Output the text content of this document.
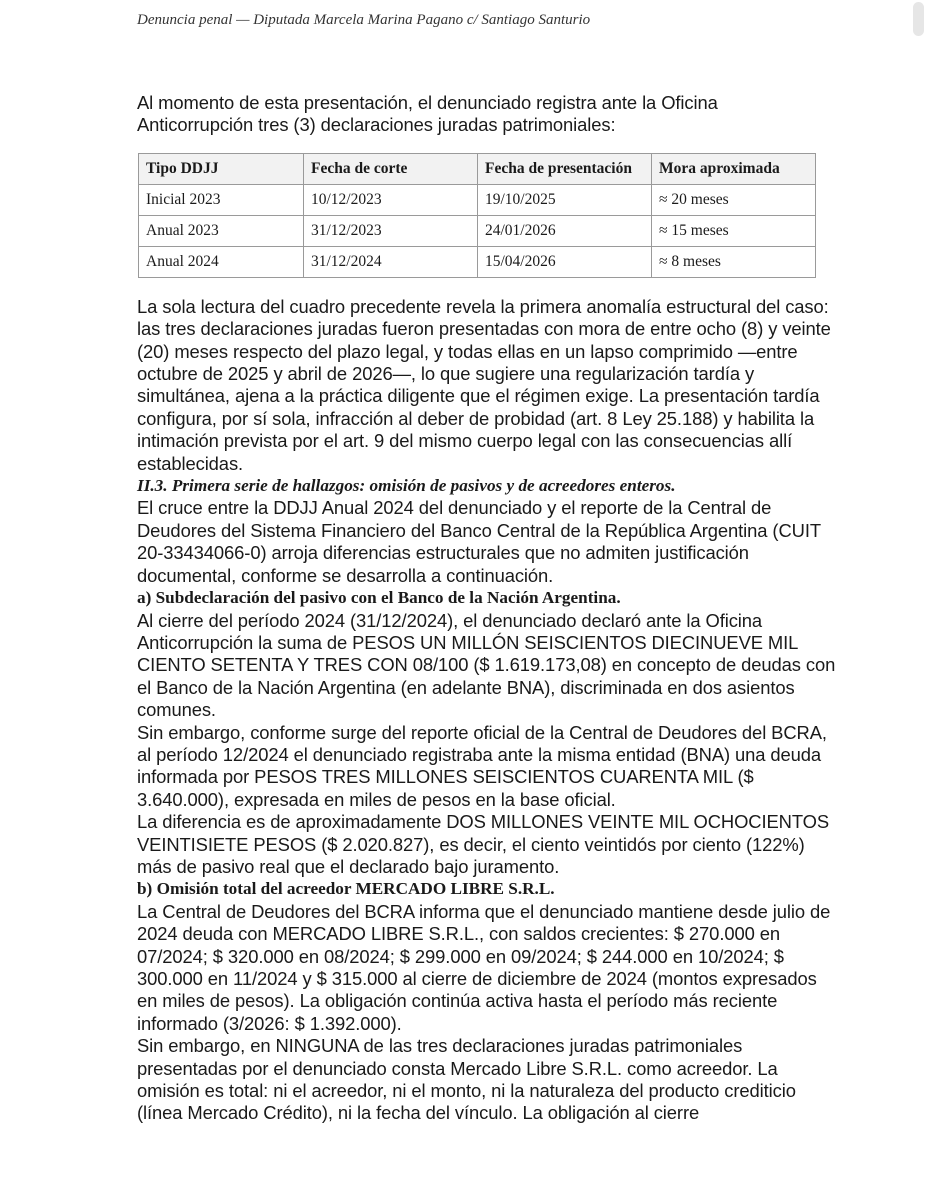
Denuncia penal — Diputada Marcela Marina Pagano c/ Santiago Santurio

Al momento de esta presentación, el denunciado registra ante la Oficina Anticorrupción tres (3) declaraciones juradas patrimoniales:

Tipo DDJJ	Fecha de corte	Fecha de presentación	Mora aproximada
Inicial 2023	10/12/2023	19/10/2025	≈ 20 meses
Anual 2023	31/12/2023	24/01/2026	≈ 15 meses
Anual 2024	31/12/2024	15/04/2026	≈ 8 meses

La sola lectura del cuadro precedente revela la primera anomalía estructural del caso: las tres declaraciones juradas fueron presentadas con mora de entre ocho (8) y veinte (20) meses respecto del plazo legal, y todas ellas en un lapso comprimido —entre octubre de 2025 y abril de 2026—, lo que sugiere una regularización tardía y simultánea, ajena a la práctica diligente que el régimen exige. La presentación tardía configura, por sí sola, infracción al deber de probidad (art. 8 Ley 25.188) y habilita la intimación prevista por el art. 9 del mismo cuerpo legal con las consecuencias allí establecidas.

II.3. Primera serie de hallazgos: omisión de pasivos y de acreedores enteros.

El cruce entre la DDJJ Anual 2024 del denunciado y el reporte de la Central de Deudores del Sistema Financiero del Banco Central de la República Argentina (CUIT 20-33434066-0) arroja diferencias estructurales que no admiten justificación documental, conforme se desarrolla a continuación.

a) Subdeclaración del pasivo con el Banco de la Nación Argentina.

Al cierre del período 2024 (31/12/2024), el denunciado declaró ante la Oficina Anticorrupción la suma de PESOS UN MILLÓN SEISCIENTOS DIECINUEVE MIL CIENTO SETENTA Y TRES CON 08/100 ($ 1.619.173,08) en concepto de deudas con el Banco de la Nación Argentina (en adelante BNA), discriminada en dos asientos comunes.

Sin embargo, conforme surge del reporte oficial de la Central de Deudores del BCRA, al período 12/2024 el denunciado registraba ante la misma entidad (BNA) una deuda informada por PESOS TRES MILLONES SEISCIENTOS CUARENTA MIL ($ 3.640.000), expresada en miles de pesos en la base oficial.

La diferencia es de aproximadamente DOS MILLONES VEINTE MIL OCHOCIENTOS VEINTISIETE PESOS ($ 2.020.827), es decir, el ciento veintidós por ciento (122%) más de pasivo real que el declarado bajo juramento.

b) Omisión total del acreedor MERCADO LIBRE S.R.L.

La Central de Deudores del BCRA informa que el denunciado mantiene desde julio de 2024 deuda con MERCADO LIBRE S.R.L., con saldos crecientes: $ 270.000 en 07/2024; $ 320.000 en 08/2024; $ 299.000 en 09/2024; $ 244.000 en 10/2024; $ 300.000 en 11/2024 y $ 315.000 al cierre de diciembre de 2024 (montos expresados en miles de pesos). La obligación continúa activa hasta el período más reciente informado (3/2026: $ 1.392.000).

Sin embargo, en NINGUNA de las tres declaraciones juradas patrimoniales presentadas por el denunciado consta Mercado Libre S.R.L. como acreedor. La omisión es total: ni el acreedor, ni el monto, ni la naturaleza del producto crediticio (línea Mercado Crédito), ni la fecha del vínculo. La obligación al cierre
